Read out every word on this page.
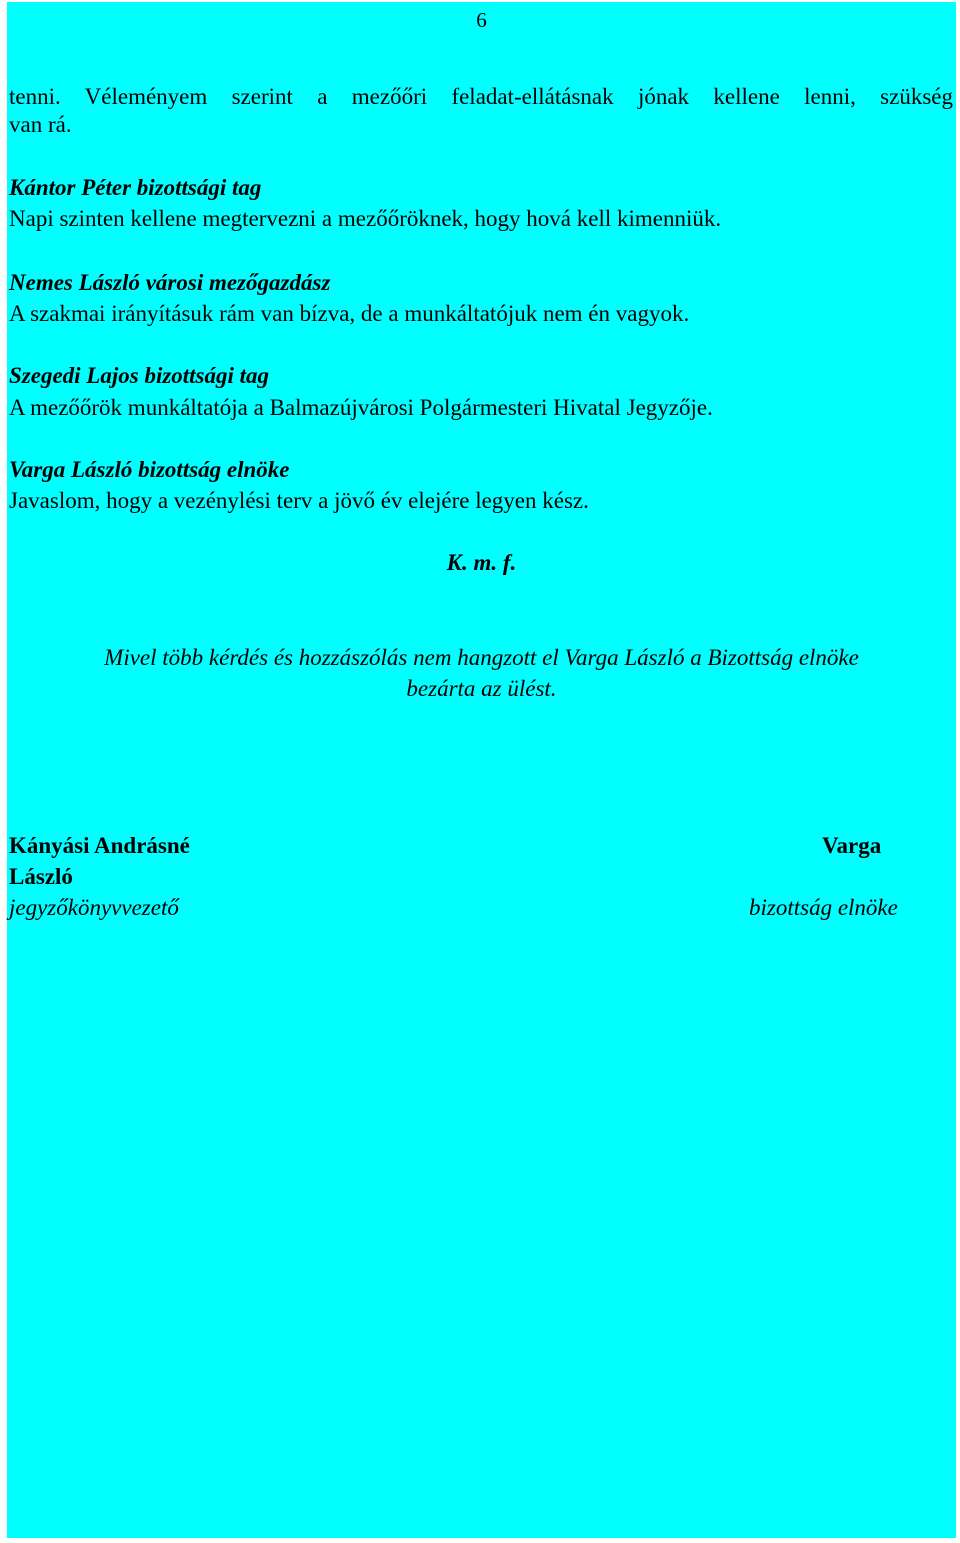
6
tenni. Véleményem szerint a mezőőri feladat-ellátásnak jónak kellene lenni, szükség
van rá.
Kántor Péter bizottsági tag
Napi szinten kellene megtervezni a mezőőröknek, hogy hová kell kimenniük.
Nemes László városi mezőgazdász
A szakmai irányításuk rám van bízva, de a munkáltatójuk nem én vagyok.
Szegedi Lajos bizottsági tag
A mezőőrök munkáltatója a Balmazújvárosi Polgármesteri Hivatal Jegyzője.
Varga László bizottság elnöke
Javaslom, hogy a vezénylési terv a jövő év elejére legyen kész.
K. m. f.
Mivel több kérdés és hozzászólás nem hangzott el Varga László a Bizottság elnöke
bezárta az ülést.
Kányási Andrásné	Varga
László
jegyzőkönyvvezető	bizottság elnöke
